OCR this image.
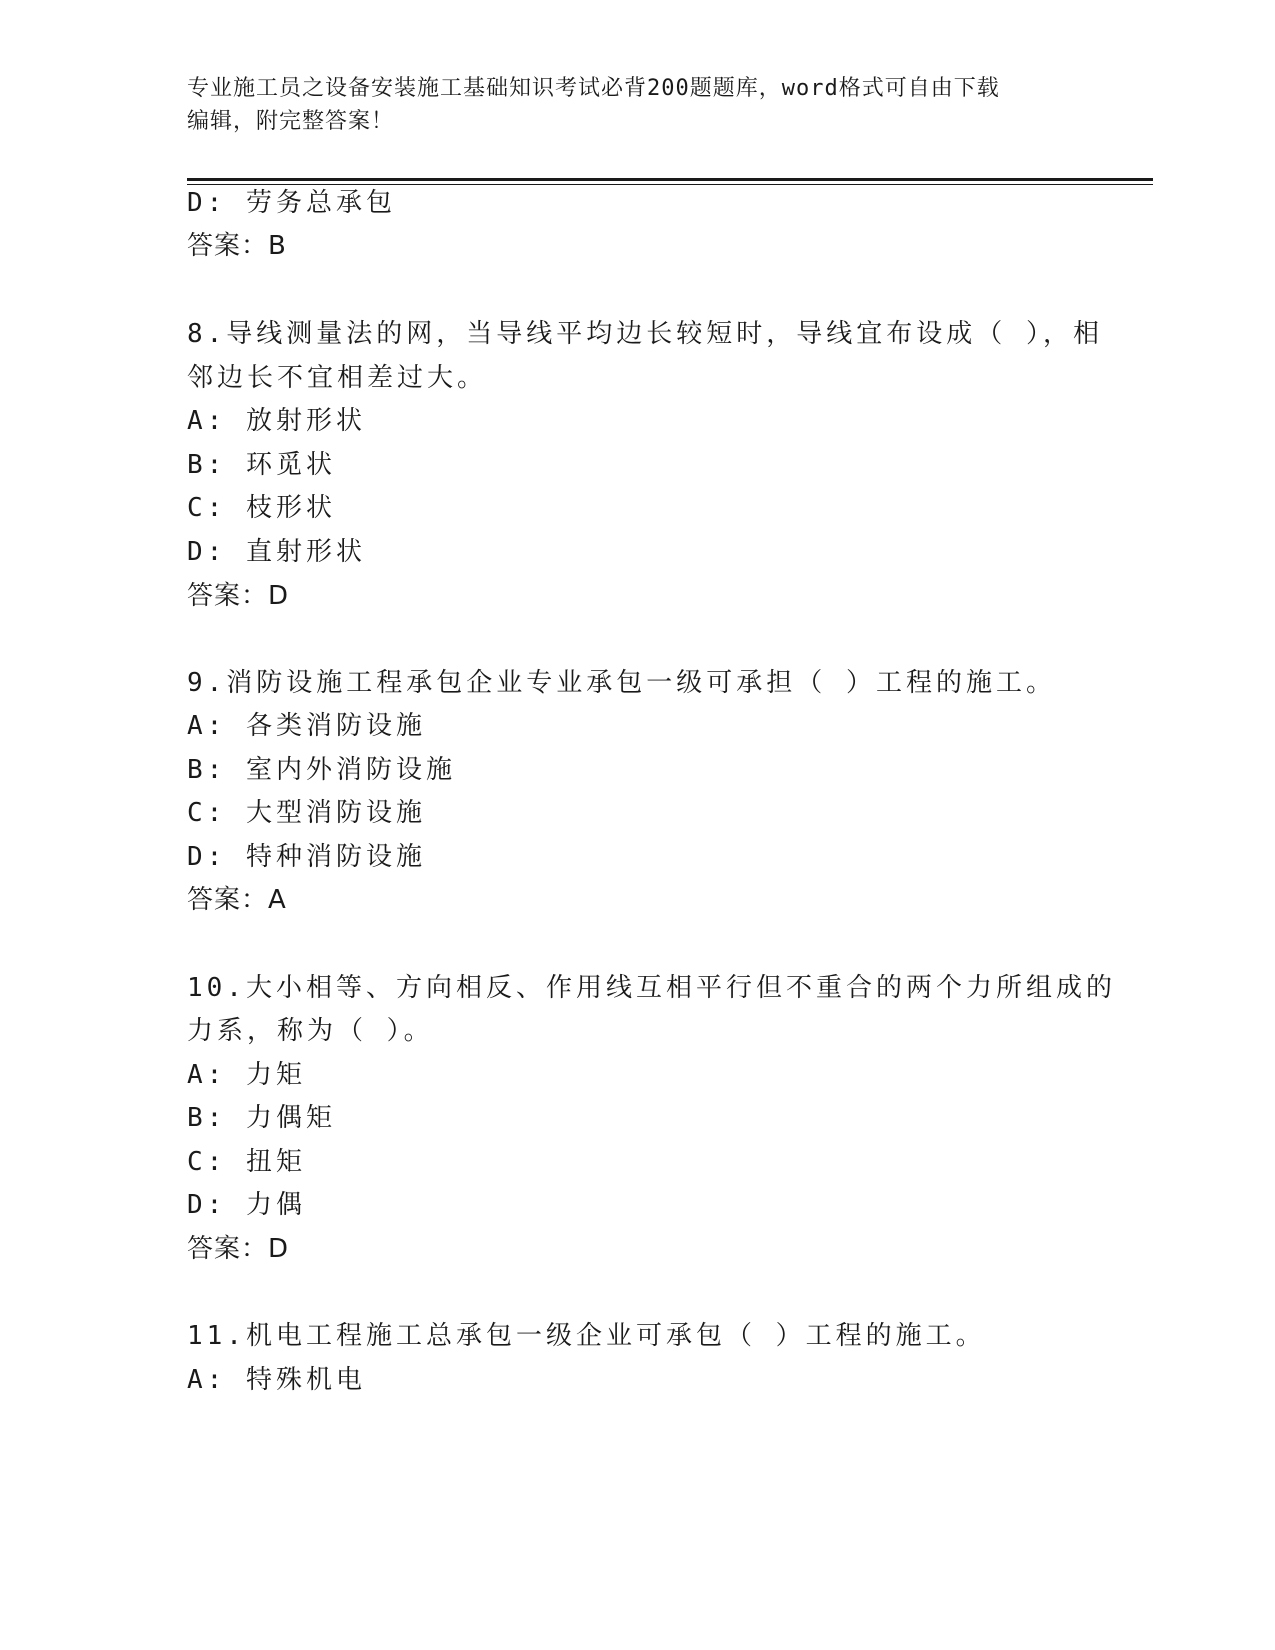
专业施工员之设备安装施工基础知识考试必背200题题库，word格式可自由下载
编辑，附完整答案！
D: 劳务总承包
答案：B
8.导线测量法的网，当导线平均边长较短时，导线宜布设成（ ），相
邻边长不宜相差过大。
A: 放射形状
B: 环觅状
C: 枝形状
D: 直射形状
答案：D
9.消防设施工程承包企业专业承包一级可承担（ ）工程的施工。
A: 各类消防设施
B: 室内外消防设施
C: 大型消防设施
D: 特种消防设施
答案：A
10.大小相等、方向相反、作用线互相平行但不重合的两个力所组成的
力系，称为（ ）。
A: 力矩
B: 力偶矩
C: 扭矩
D: 力偶
答案：D
11.机电工程施工总承包一级企业可承包（ ）工程的施工。
A: 特殊机电
